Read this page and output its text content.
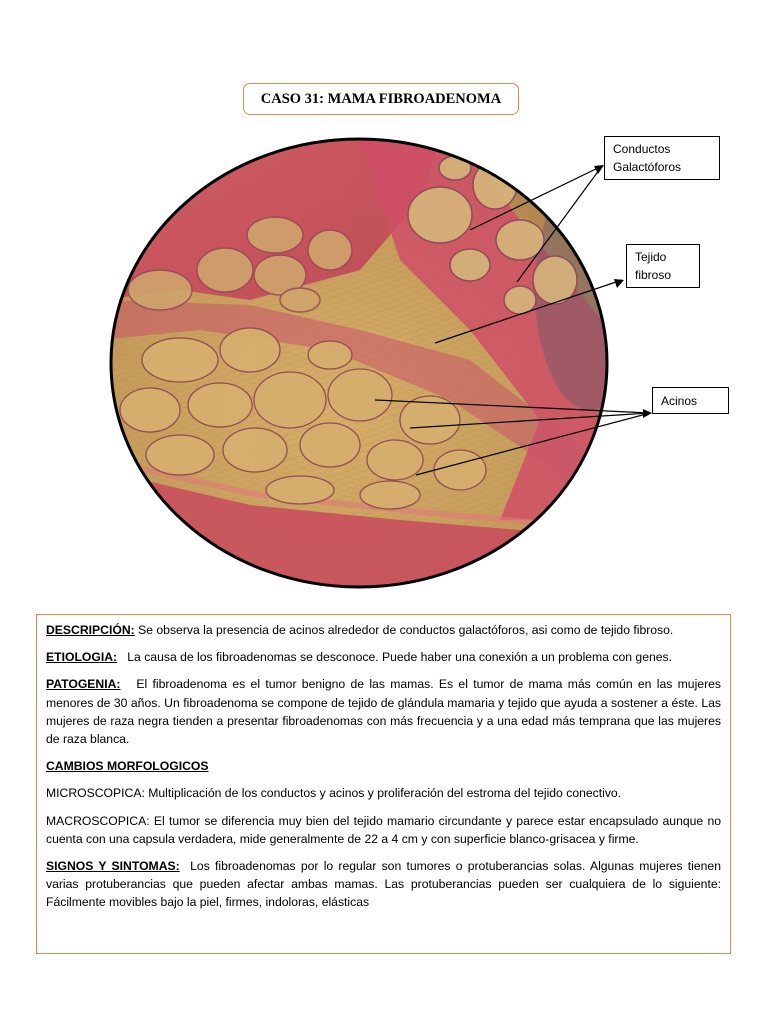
CASO 31: MAMA FIBROADENOMA
Conductos
Galactóforos
Tejido
fibroso
Acinos

DESCRIPCIÓN: Se observa la presencia de acinos alrededor de conductos galactóforos, asi como de tejido fibroso.

ETIOLOGIA:   La causa de los fibroadenomas se desconoce. Puede haber una conexión a un problema con genes.

PATOGENIA:   El fibroadenoma es el tumor benigno de las mamas. Es el tumor de mama más común en las mujeres menores de 30 años. Un fibroadenoma se compone de tejido de glándula mamaria y tejido que ayuda a sostener a éste. Las mujeres de raza negra tienden a presentar fibroadenomas con más frecuencia y a una edad más temprana que las mujeres de raza blanca.

CAMBIOS MORFOLOGICOS

MICROSCOPICA: Multiplicación de los conductos y acinos y proliferación del estroma del tejido conectivo.

MACROSCOPICA: El tumor se diferencia muy bien del tejido mamario circundante y parece estar encapsulado aunque no cuenta con una capsula verdadera, mide generalmente de 22 a 4 cm y con superficie blanco-grisacea y firme.

SIGNOS Y SINTOMAS:  Los fibroadenomas por lo regular son tumores o protuberancias solas. Algunas mujeres tienen varias protuberancias que pueden afectar ambas mamas. Las protuberancias pueden ser cualquiera de lo siguiente: Fácilmente movibles bajo la piel, firmes, indoloras, elásticas
